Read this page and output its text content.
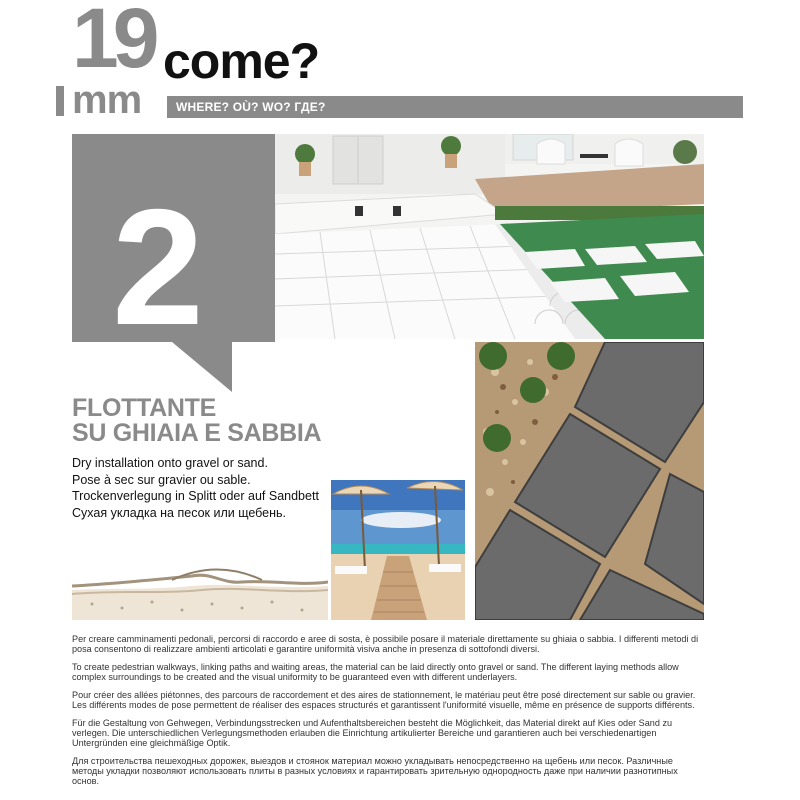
19
mm
come?
WHERE? OÙ? WO? ГДЕ?
2
FLOTTANTE
SU GHIAIA E SABBIA
Dry installation onto gravel or sand.
Pose à sec sur gravier ou sable.
Trockenverlegung in Splitt oder auf Sandbett
Сухая укладка на песок или щебень.

Per creare camminamenti pedonali, percorsi di raccordo e aree di sosta, è possibile posare il materiale direttamente su ghiaia o sabbia. I differenti metodi di posa consentono di realizzare ambienti articolati e garantire uniformità visiva anche in presenza di sottofondi diversi.

To create pedestrian walkways, linking paths and waiting areas, the material can be laid directly onto gravel or sand. The different laying methods allow complex surroundings to be created and the visual uniformity to be guaranteed even with different underlayers.

Pour créer des allées piétonnes, des parcours de raccordement et des aires de stationnement, le matériau peut être posé directement sur sable ou gravier. Les différents modes de pose permettent de réaliser des espaces structurés et garantissent l'uniformité visuelle, même en présence de supports différents.

Für die Gestaltung von Gehwegen, Verbindungsstrecken und Aufenthaltsbereichen besteht die Möglichkeit, das Material direkt auf Kies oder Sand zu verlegen. Die unterschiedlichen Verlegungsmethoden erlauben die Einrichtung artikulierter Bereiche und garantieren auch bei verschiedenartigen Untergründen eine gleichmäßige Optik.

Для строительства пешеходных дорожек, выездов и стоянок материал можно укладывать непосредственно на щебень или песок. Различные методы укладки позволяют использовать плиты в разных условиях и гарантировать зрительную однородность даже при наличии разнотипных основ.
